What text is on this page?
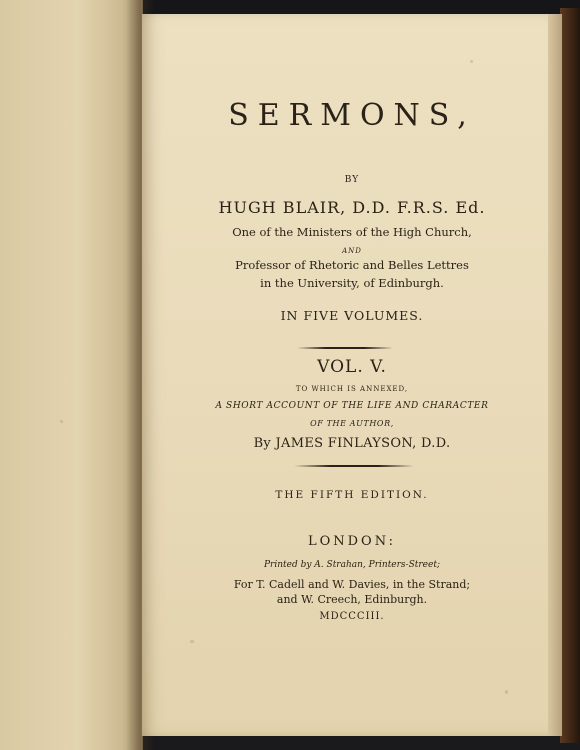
SERMONS,
BY
HUGH BLAIR, D.D. F.R.S. Ed.
One of the Ministers of the High Church,
AND
Professor of Rhetoric and Belles Lettres
in the University, of Edinburgh.
IN FIVE VOLUMES.
VOL. V.
TO WHICH IS ANNEXED,
A SHORT ACCOUNT OF THE LIFE AND CHARACTER
OF THE AUTHOR,
By JAMES FINLAYSON, D.D.
THE FIFTH EDITION.
LONDON:
Printed by A. Strahan, Printers-Street;
For T. Cadell and W. Davies, in the Strand;
and W. Creech, Edinburgh.
MDCCCIII.
